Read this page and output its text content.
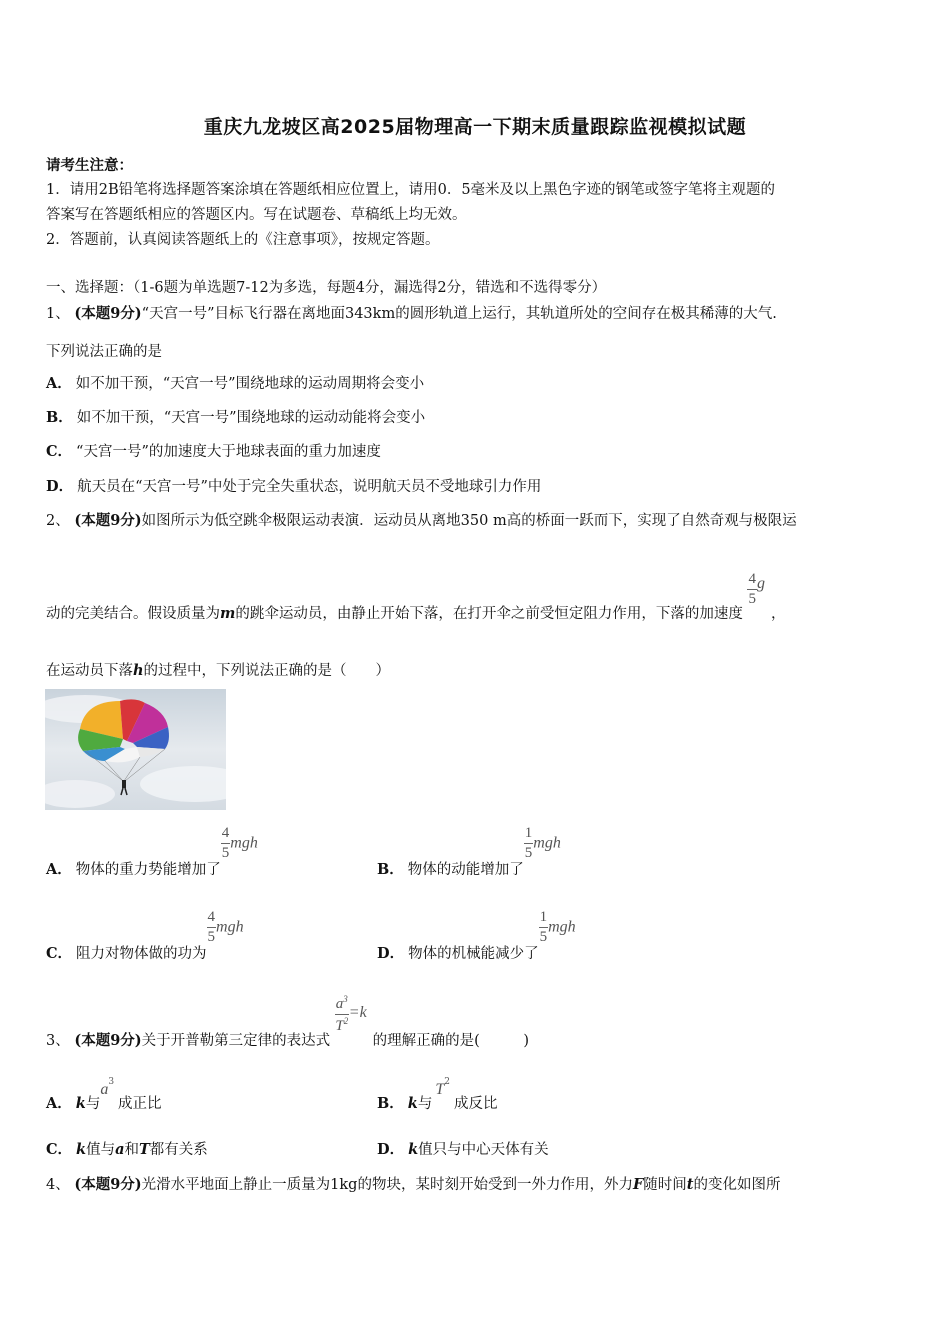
重庆九龙坡区高2025届物理高一下期末质量跟踪监视模拟试题
请考生注意：
1．请用2B铅笔将选择题答案涂填在答题纸相应位置上，请用0．5毫米及以上黑色字迹的钢笔或签字笔将主观题的
答案写在答题纸相应的答题区内。写在试题卷、草稿纸上均无效。
2．答题前，认真阅读答题纸上的《注意事项》，按规定答题。
一、选择题：（1-6题为单选题7-12为多选，每题4分，漏选得2分，错选和不选得零分）
1、 (本题9分)“天宫一号”目标飞行器在离地面343km的圆形轨道上运行，其轨道所处的空间存在极其稀薄的大气.
下列说法正确的是
A． 如不加干预，“天宫一号”围绕地球的运动周期将会变小
B． 如不加干预，“天宫一号”围绕地球的运动动能将会变小
C． “天宫一号”的加速度大于地球表面的重力加速度
D． 航天员在“天宫一号”中处于完全失重状态，说明航天员不受地球引力作用
2、 (本题9分)如图所示为低空跳伞极限运动表演．运动员从离地350 m高的桥面一跃而下，实现了自然奇观与极限运
动的完美结合。假设质量为m的跳伞运动员，由静止开始下落，在打开伞之前受恒定阻力作用，下落的加速度
$\frac{4}{5}$ g，
在运动员下落h的过程中，下列说法正确的是（　　）
A． 物体的重力势能增加了
$\frac{4}{5}$ mgh
B． 物体的动能增加了
$\frac{1}{5}$ mgh
C． 阻力对物体做的功为
$\frac{4}{5}$ mgh
D． 物体的机械能减少了
$\frac{1}{5}$ mgh
3、 (本题9分)关于开普勒第三定律的表达式
$\frac{a^3}{T^2} =k$的理解正确的是(　　　)
A． k与$a^3$成正比	B． k与$T^2$成反比
C． k值与a和T都有关系	D． k值只与中心天体有关
4、 (本题9分)光滑水平地面上静止一质量为1kg的物块，某时刻开始受到一外力作用，外力F随时间t的变化如图所
